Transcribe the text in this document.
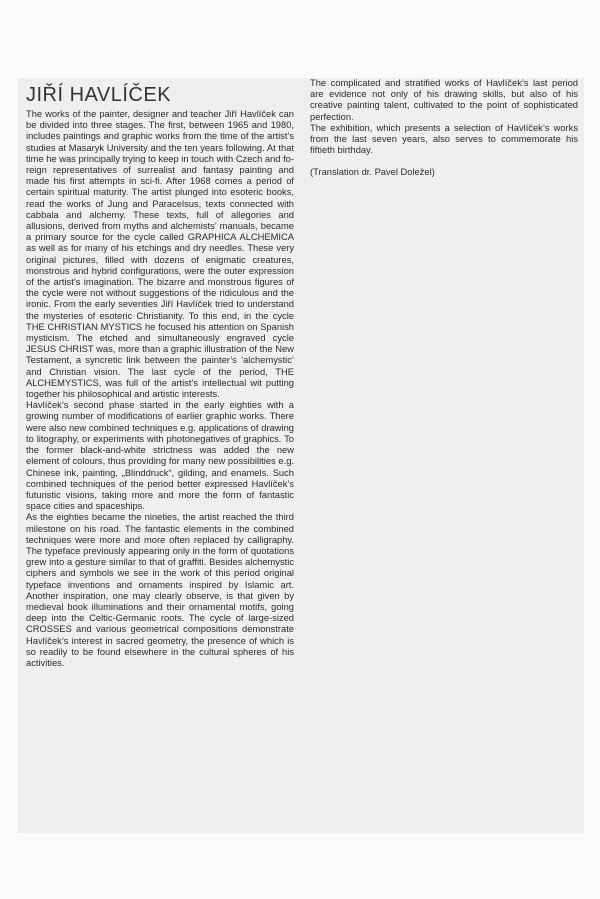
JIŘÍ HAVLÍČEK

The works of the painter, designer and teacher Jiří Havlíček can be divided into three stages. The first, between 1965 and 1980, includes paintings and graphic works from the time of the artist’s studies at Masaryk University and the ten years following. At that time he was principally trying to keep in touch with Czech and foreign representatives of surrealist and fantasy painting and made his first attempts in sci-fi. After 1968 comes a period of certain spiritual maturity. The artist plunged into esoteric books, read the works of Jung and Paracelsus, texts connected with cabbala and alchemy. These texts, full of allegories and allusions, derived from myths and alchemists’ manuals, became a primary source for the cycle called GRAPHICA ALCHEMICA as well as for many of his etchings and dry needles. These very original pictures, filled with dozens of enigmatic creatures, monstrous and hybrid configurations, were the outer expression of the artist’s imagination. The bizarre and monstrous figures of the cycle were not without suggestions of the ridiculous and the ironic. From the early seventies Jiří Havlíček tried to understand the mysteries of esoteric Christianity. To this end, in the cycle THE CHRISTIAN MYSTICS he focused his attention on Spanish mysticism. The etched and simultaneously engraved cycle JESUS CHRIST was, more than a graphic illustration of the New Testament, a syncretic link between the painter’s ’alchemystic’ and Christian vision. The last cycle of the period, THE ALCHEMYSTICS, was full of the artist’s intellectual wit putting together his philosophical and artistic interests.

Havlíček’s second phase started in the early eighties with a growing number of modifications of earlier graphic works. There were also new combined techniques e.g. applications of drawing to litography, or experiments with photonegatives of graphics. To the former black-and-white strictness was added the new element of colours, thus providing for many new possibilities e.g. Chinese ink, painting, „Blinddruck“, gilding, and enamels. Such combined techniques of the period better expressed Havlíček’s futuristic visions, taking more and more the form of fantastic space cities and spaceships.

As the eighties became the nineties, the artist reached the third milestone on his road. The fantastic elements in the combined techniques were more and more often replaced by calligraphy. The typeface previously appearing only in the form of quotations grew into a gesture similar to that of graffiti. Besides alchemystic ciphers and symbols we see in the work of this period original typeface inventions and ornaments inspired by Islamic art. Another inspiration, one may clearly observe, is that given by medieval book illuminations and their ornamental motifs, going deep into the Celtic-Germanic roots. The cycle of large-sized CROSSES and various geometrical compositions demonstrate Havlíček’s interest in sacred geometry, the presence of which is so readily to be found elsewhere in the cultural spheres of his activities.

The complicated and stratified works of Havlíček’s last period are evidence not only of his drawing skills, but also of his creative painting talent, cultivated to the point of sophisticated perfection.

The exhibition, which presents a selection of Havlíček’s works from the last seven years, also serves to commemorate his fiftieth birthday.

(Translation dr. Pavel Doležel)
